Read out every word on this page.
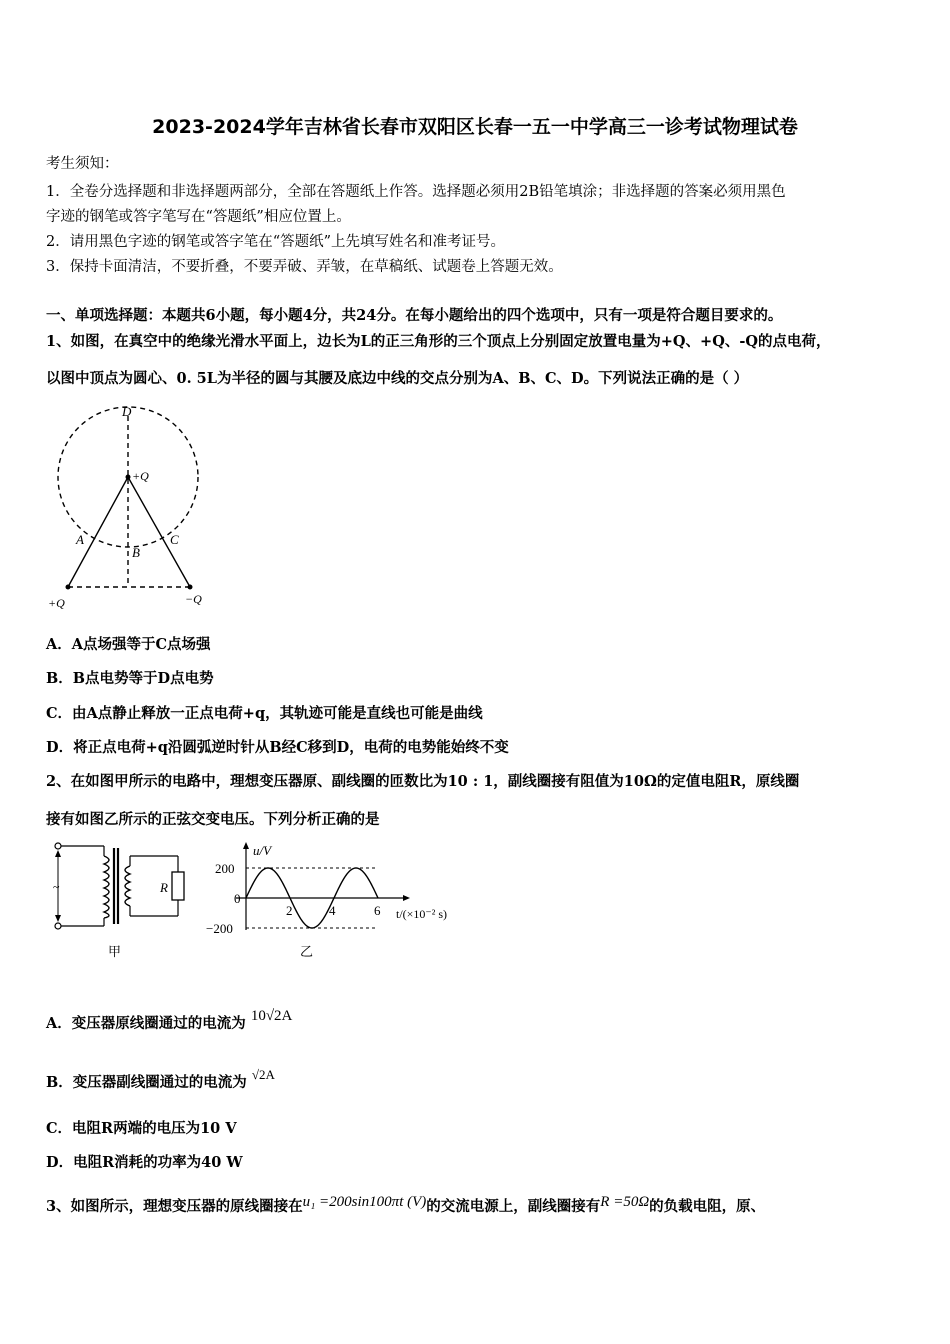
2023-2024学年吉林省长春市双阳区长春一五一中学高三一诊考试物理试卷
考生须知：
1．全卷分选择题和非选择题两部分，全部在答题纸上作答。选择题必须用2B铅笔填涂；非选择题的答案必须用黑色
字迹的钢笔或答字笔写在“答题纸”相应位置上。
2．请用黑色字迹的钢笔或答字笔在“答题纸”上先填写姓名和准考证号。
3．保持卡面清洁，不要折叠，不要弄破、弄皱，在草稿纸、试题卷上答题无效。
一、单项选择题：本题共6小题，每小题4分，共24分。在每小题给出的四个选项中，只有一项是符合题目要求的。
1、如图，在真空中的绝缘光滑水平面上，边长为L的正三角形的三个顶点上分别固定放置电量为+Q、+Q、-Q的点电荷，
以图中顶点为圆心、0. 5L为半径的圆与其腰及底边中线的交点分别为A、B、C、D。下列说法正确的是（ ）
D
+Q
A
B
C
+Q	−Q
A．A点场强等于C点场强
B．B点电势等于D点电势
C．由A点静止释放一正点电荷+q，其轨迹可能是直线也可能是曲线
D．将正点电荷+q沿圆弧逆时针从B经C移到D，电荷的电势能始终不变
2、在如图甲所示的电路中，理想变压器原、副线圈的匝数比为10 : 1，副线圈接有阻值为10Ω的定值电阻R，原线圈
接有如图乙所示的正弦交变电压。下列分析正确的是
R
~
甲
u/V
200
0
−200
2	4	6 t/(×10⁻² s)
乙
A．变压器原线圈通过的电流为 10√2A
B．变压器副线圈通过的电流为 √2A
C．电阻R两端的电压为10 V
D．电阻R消耗的功率为40 W
3、如图所示，理想变压器的原线圈接在u₁ =200sin100πt (V)的交流电源上，副线圈接有R =50Ω的负载电阻，原、
